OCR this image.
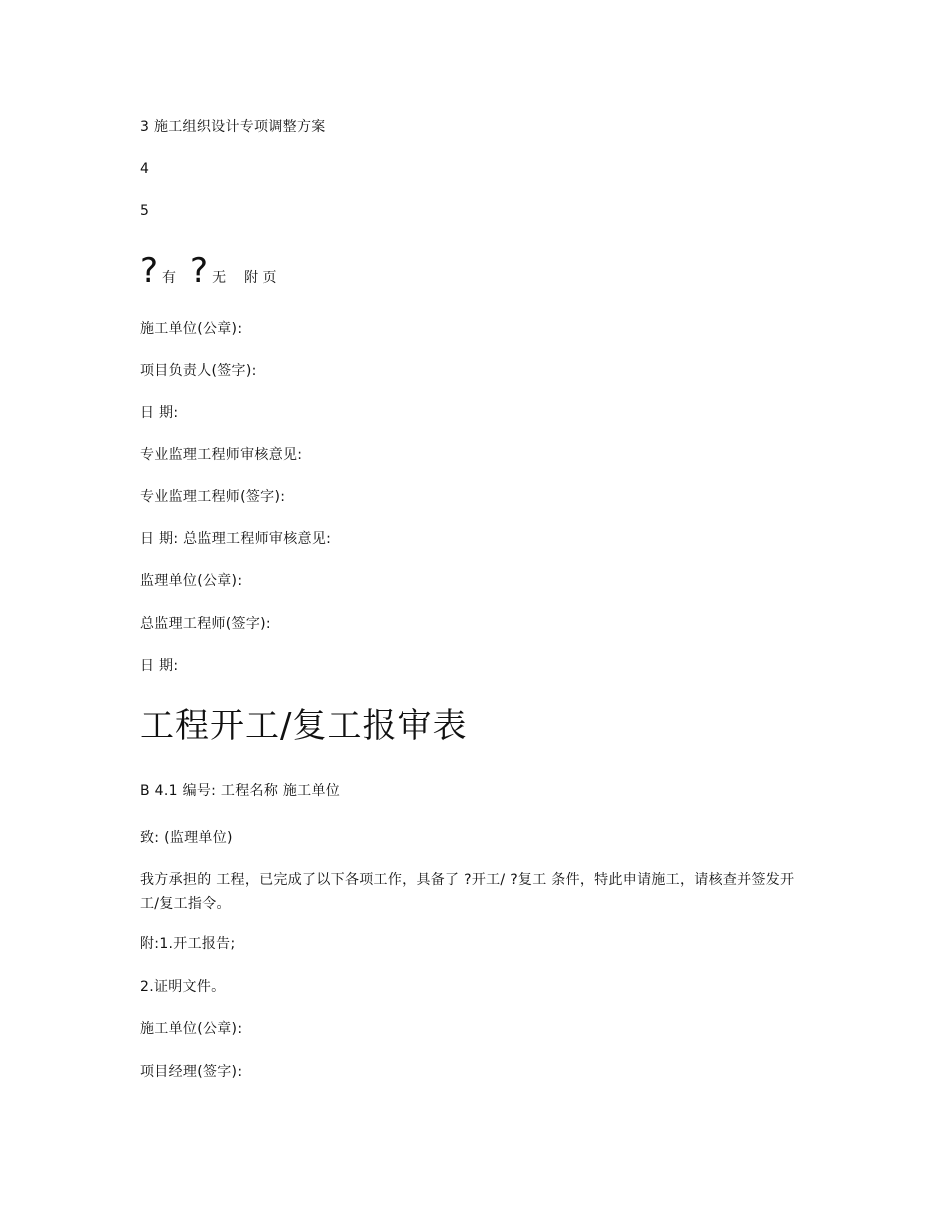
3 施工组织设计专项调整方案
4
5
? 有 ? 无 附 页
施工单位(公章):
项目负责人(签字):
日 期:
专业监理工程师审核意见:
专业监理工程师(签字):
日 期: 总监理工程师审核意见:
监理单位(公章):
总监理工程师(签字):
日 期:
工程开工/复工报审表
B 4.1 编号: 工程名称 施工单位
致: (监理单位)
我方承担的 工程，已完成了以下各项工作，具备了 ?开工/ ?复工 条件，特此申请施工，请核查并签发开工/复工指令。
附:1.开工报告;
2.证明文件。
施工单位(公章):
项目经理(签字):
